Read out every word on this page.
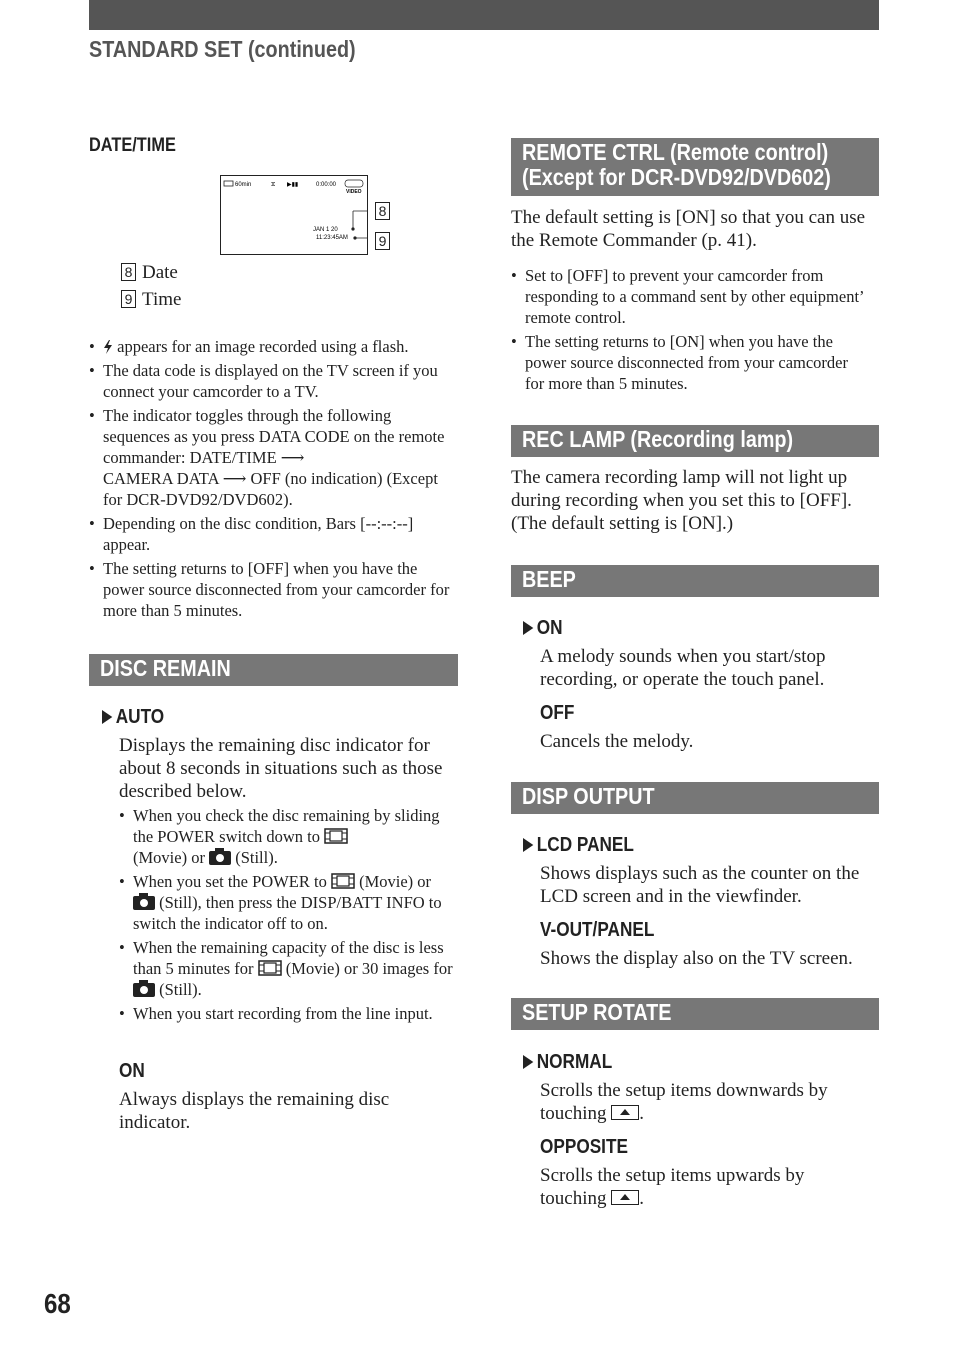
STANDARD SET (continued)
DATE/TIME
60min	⧖ ▶▮▮	0:00:00
VIDEO
JAN 1 20
11:23:45AM
8
9
8 Date
9 Time
• appears for an image recorded using a flash.
• The data code is displayed on the TV screen if you connect your camcorder to a TV.
• The indicator toggles through the following sequences as you press DATA CODE on the remote commander: DATE/TIME ⟶
CAMERA DATA ⟶ OFF (no indication) (Except for DCR-DVD92/DVD602).
• Depending on the disc condition, Bars [--:--:--] appear.
• The setting returns to [OFF] when you have the power source disconnected from your camcorder for more than 5 minutes.
DISC REMAIN
AUTO
Displays the remaining disc indicator for about 8 seconds in situations such as those described below.
• When you check the disc remaining by sliding the POWER switch down to
(Movie) or (Still).
• When you set the POWER to (Movie) or  (Still), then press the DISP/BATT INFO to switch the indicator off to on.
• When the remaining capacity of the disc is less than 5 minutes for (Movie) or 30 images for  (Still).
• When you start recording from the line input.
ON
Always displays the remaining disc indicator.
REMOTE CTRL (Remote control)
(Except for DCR-DVD92/DVD602)
The default setting is [ON] so that you can use the Remote Commander (p. 41).
• Set to [OFF] to prevent your camcorder from responding to a command sent by other equipment’ remote control.
• The setting returns to [ON] when you have the power source disconnected from your camcorder for more than 5 minutes.
REC LAMP (Recording lamp)
The camera recording lamp will not light up during recording when you set this to [OFF]. (The default setting is [ON].)
BEEP
ON
A melody sounds when you start/stop recording, or operate the touch panel.
OFF
Cancels the melody.
DISP OUTPUT
LCD PANEL
Shows displays such as the counter on the LCD screen and in the viewfinder.
V-OUT/PANEL
Shows the display also on the TV screen.
SETUP ROTATE
NORMAL
Scrolls the setup items downwards by touching .
OPPOSITE
Scrolls the setup items upwards by touching .
68
